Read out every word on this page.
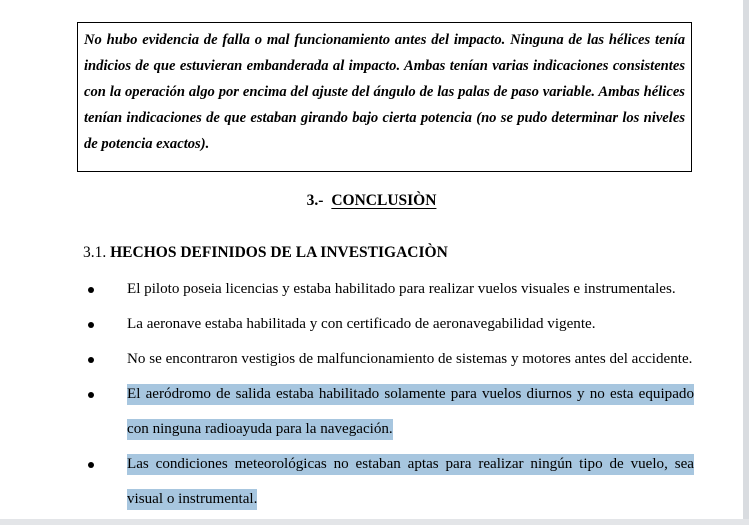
No hubo evidencia de falla o mal funcionamiento antes del impacto. Ninguna de las hélices tenía indicios de que estuvieran embanderada al impacto. Ambas tenían varias indicaciones consistentes con la operación algo por encima del ajuste del ángulo de las palas de paso variable. Ambas hélices tenían indicaciones de que estaban girando bajo cierta potencia (no se pudo determinar los niveles de potencia exactos).

3.- CONCLUSIÒN
3.1. HECHOS DEFINIDOS DE LA INVESTIGACIÒN
El piloto poseia licencias y estaba habilitado para realizar vuelos visuales e instrumentales.
La aeronave estaba habilitada y con certificado de aeronavegabilidad vigente.
No se encontraron vestigios de malfuncionamiento de sistemas y motores antes del accidente.
El aeródromo de salida estaba habilitado solamente para vuelos diurnos y no esta equipado con ninguna radioayuda para la navegación.
Las condiciones meteorológicas no estaban aptas para realizar ningún tipo de vuelo, sea visual o instrumental.
